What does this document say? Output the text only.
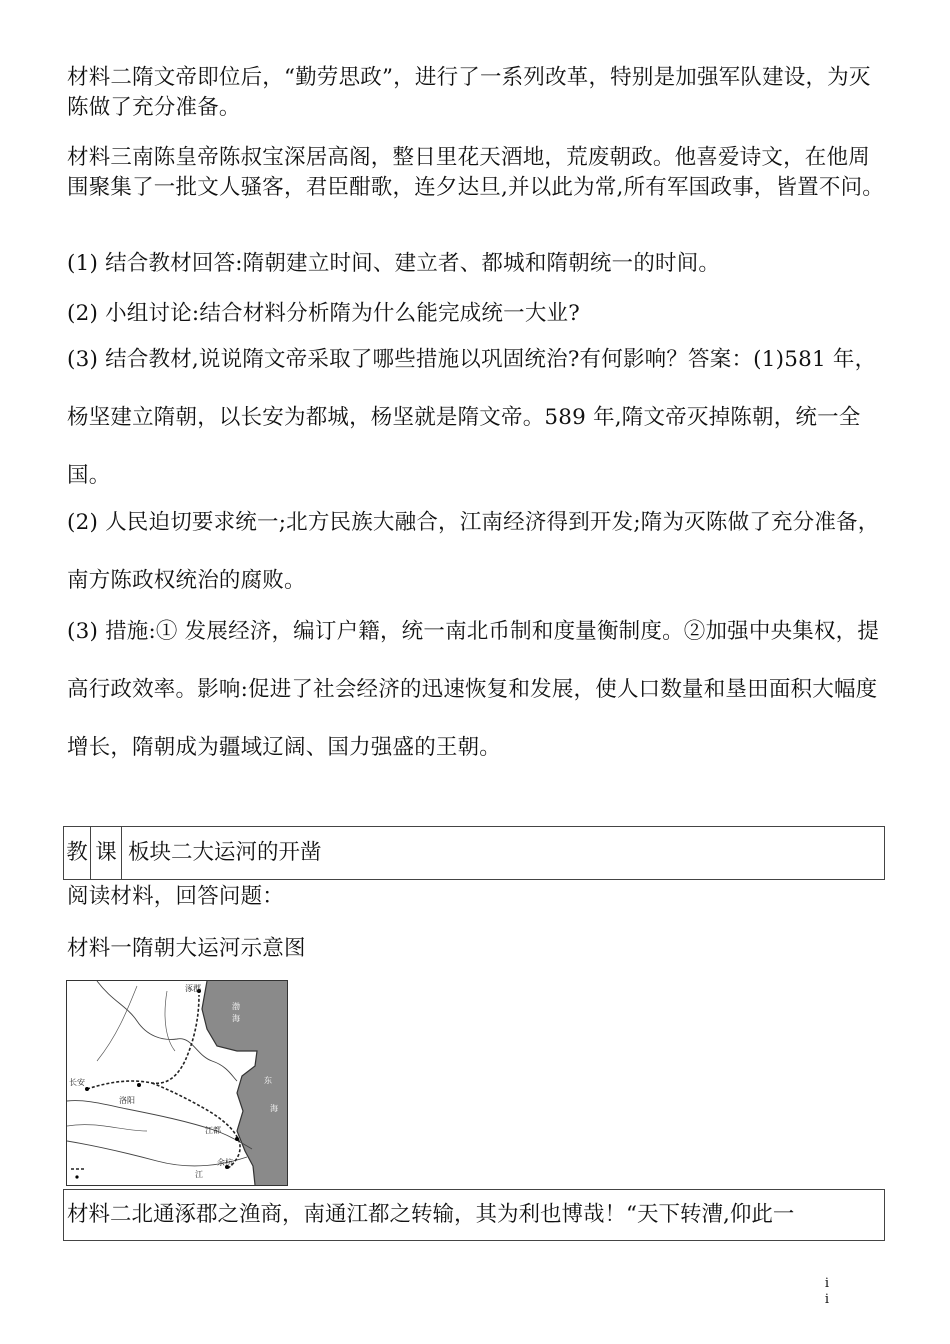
材料二隋文帝即位后，“勤劳思政”，进行了一系列改革，特别是加强军队建设，为灭陈做了充分准备。
材料三南陈皇帝陈叔宝深居高阁，整日里花天酒地，荒废朝政。他喜爱诗文，在他周围聚集了一批文人骚客，君臣酣歌，连夕达旦,并以此为常,所有军国政事，皆置不问。
(1) 结合教材回答:隋朝建立时间、建立者、都城和隋朝统一的时间。
(2) 小组讨论:结合材料分析隋为什么能完成统一大业?
(3) 结合教材,说说隋文帝采取了哪些措施以巩固统治?有何影响？答案：(1)581 年，杨坚建立隋朝，以长安为都城，杨坚就是隋文帝。589 年,隋文帝灭掉陈朝，统一全国。
(2) 人民迫切要求统一;北方民族大融合，江南经济得到开发;隋为灭陈做了充分准备，南方陈政权统治的腐败。
(3) 措施:① 发展经济，编订户籍，统一南北币制和度量衡制度。②加强中央集权，提高行政效率。影响:促进了社会经济的迅速恢复和发展，使人口数量和垦田面积大幅度增长，隋朝成为疆域辽阔、国力强盛的王朝。
教 课 板块二大运河的开凿
阅读材料，回答问题：
材料一隋朝大运河示意图
涿郡
渤
海
东
海
长安
洛阳
江都
余杭
江
材料二北通涿郡之渔商，南通江都之转输，其为利也博哉！“天下转漕,仰此一
i
i
